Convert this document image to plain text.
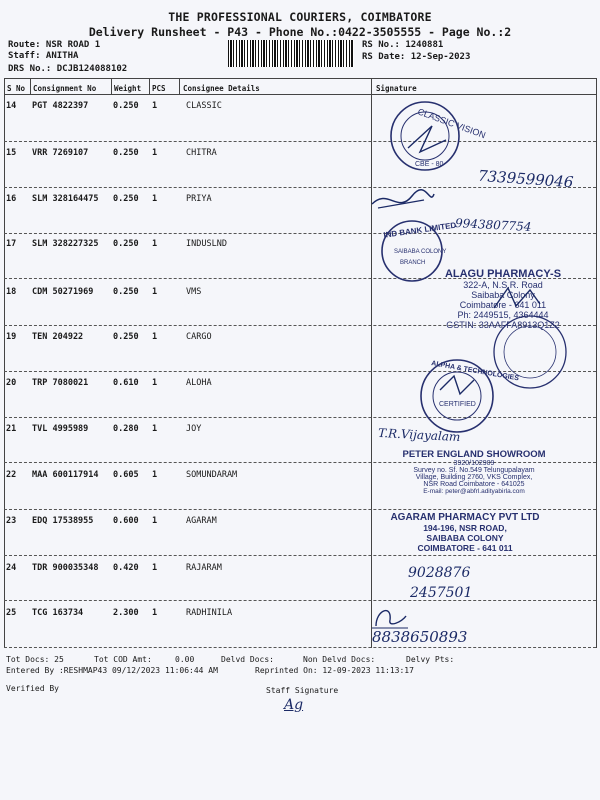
THE PROFESSIONAL COURIERS, COIMBATORE
Delivery Runsheet - P43 - Phone No.:0422-3505555 - Page No.:2
Route: NSR ROAD 1
Staff: ANITHA
DRS No.: DCJB124088102
RS No.: 1240881
RS Date: 12-Sep-2023
S No Consignment No Weight PCS Consignee Details	Signature
14 PGT 4822397	0.250 1	CLASSIC
15 VRR 7269107	0.250 1	CHITRA
16 SLM 328164475 0.250 1	PRIYA
17 SLM 328227325 0.250 1	INDUSLND
18 CDM 50271969 0.250 1	VMS
19 TEN 204922	0.250 1	CARGO
20 TRP 7080021	0.610 1	ALOHA
21 TVL 4995989	0.280 1	JOY
22 MAA 600117914 0.605 1	SOMUNDARAM
23 EDQ 17538955 0.600 1	AGARAM
24 TDR 900035348 0.420 1	RAJARAM
25 TCG 163734	2.300 1	RADHINILA
CLASSIC VISION
CBE - 80
7339599046
9943807754
IND BANK LIMITED
SAIBABA COLONY
BRANCH
ALAGU PHARMACY-S
322-A, N.S.R. Road
Saibaba Colony
Coimbatore - 641 011
Ph: 2449515, 4364444
GSTIN: 33AAFFA8913Q1Z2
ALPHA & TECHNOLOGIES
CERTIFIED
T.R.Vijayalam
PETER ENGLAND SHOWROOM
3920/102909
Survey no. Sf. No.549 Telungupalayam
Village, Building 2760, VKS Complex,
NSR Road Coimbatore - 641025
E-mail: peter@abfrl.adityabirla.com
AGARAM PHARMACY PVT LTD
194-196, NSR ROAD,
SAIBABA COLONY
COIMBATORE - 641 011
9028876
2457501
8838650893
Tot Docs: 25	Tot COD Amt:	0.00	Delvd Docs:	Non Delvd Docs:	Delvy Pts:
Entered By :RESHMAP43 09/12/2023 11:06:44 AM	Reprinted On: 12-09-2023 11:13:17
Verified By	Staff Signature
Ag
